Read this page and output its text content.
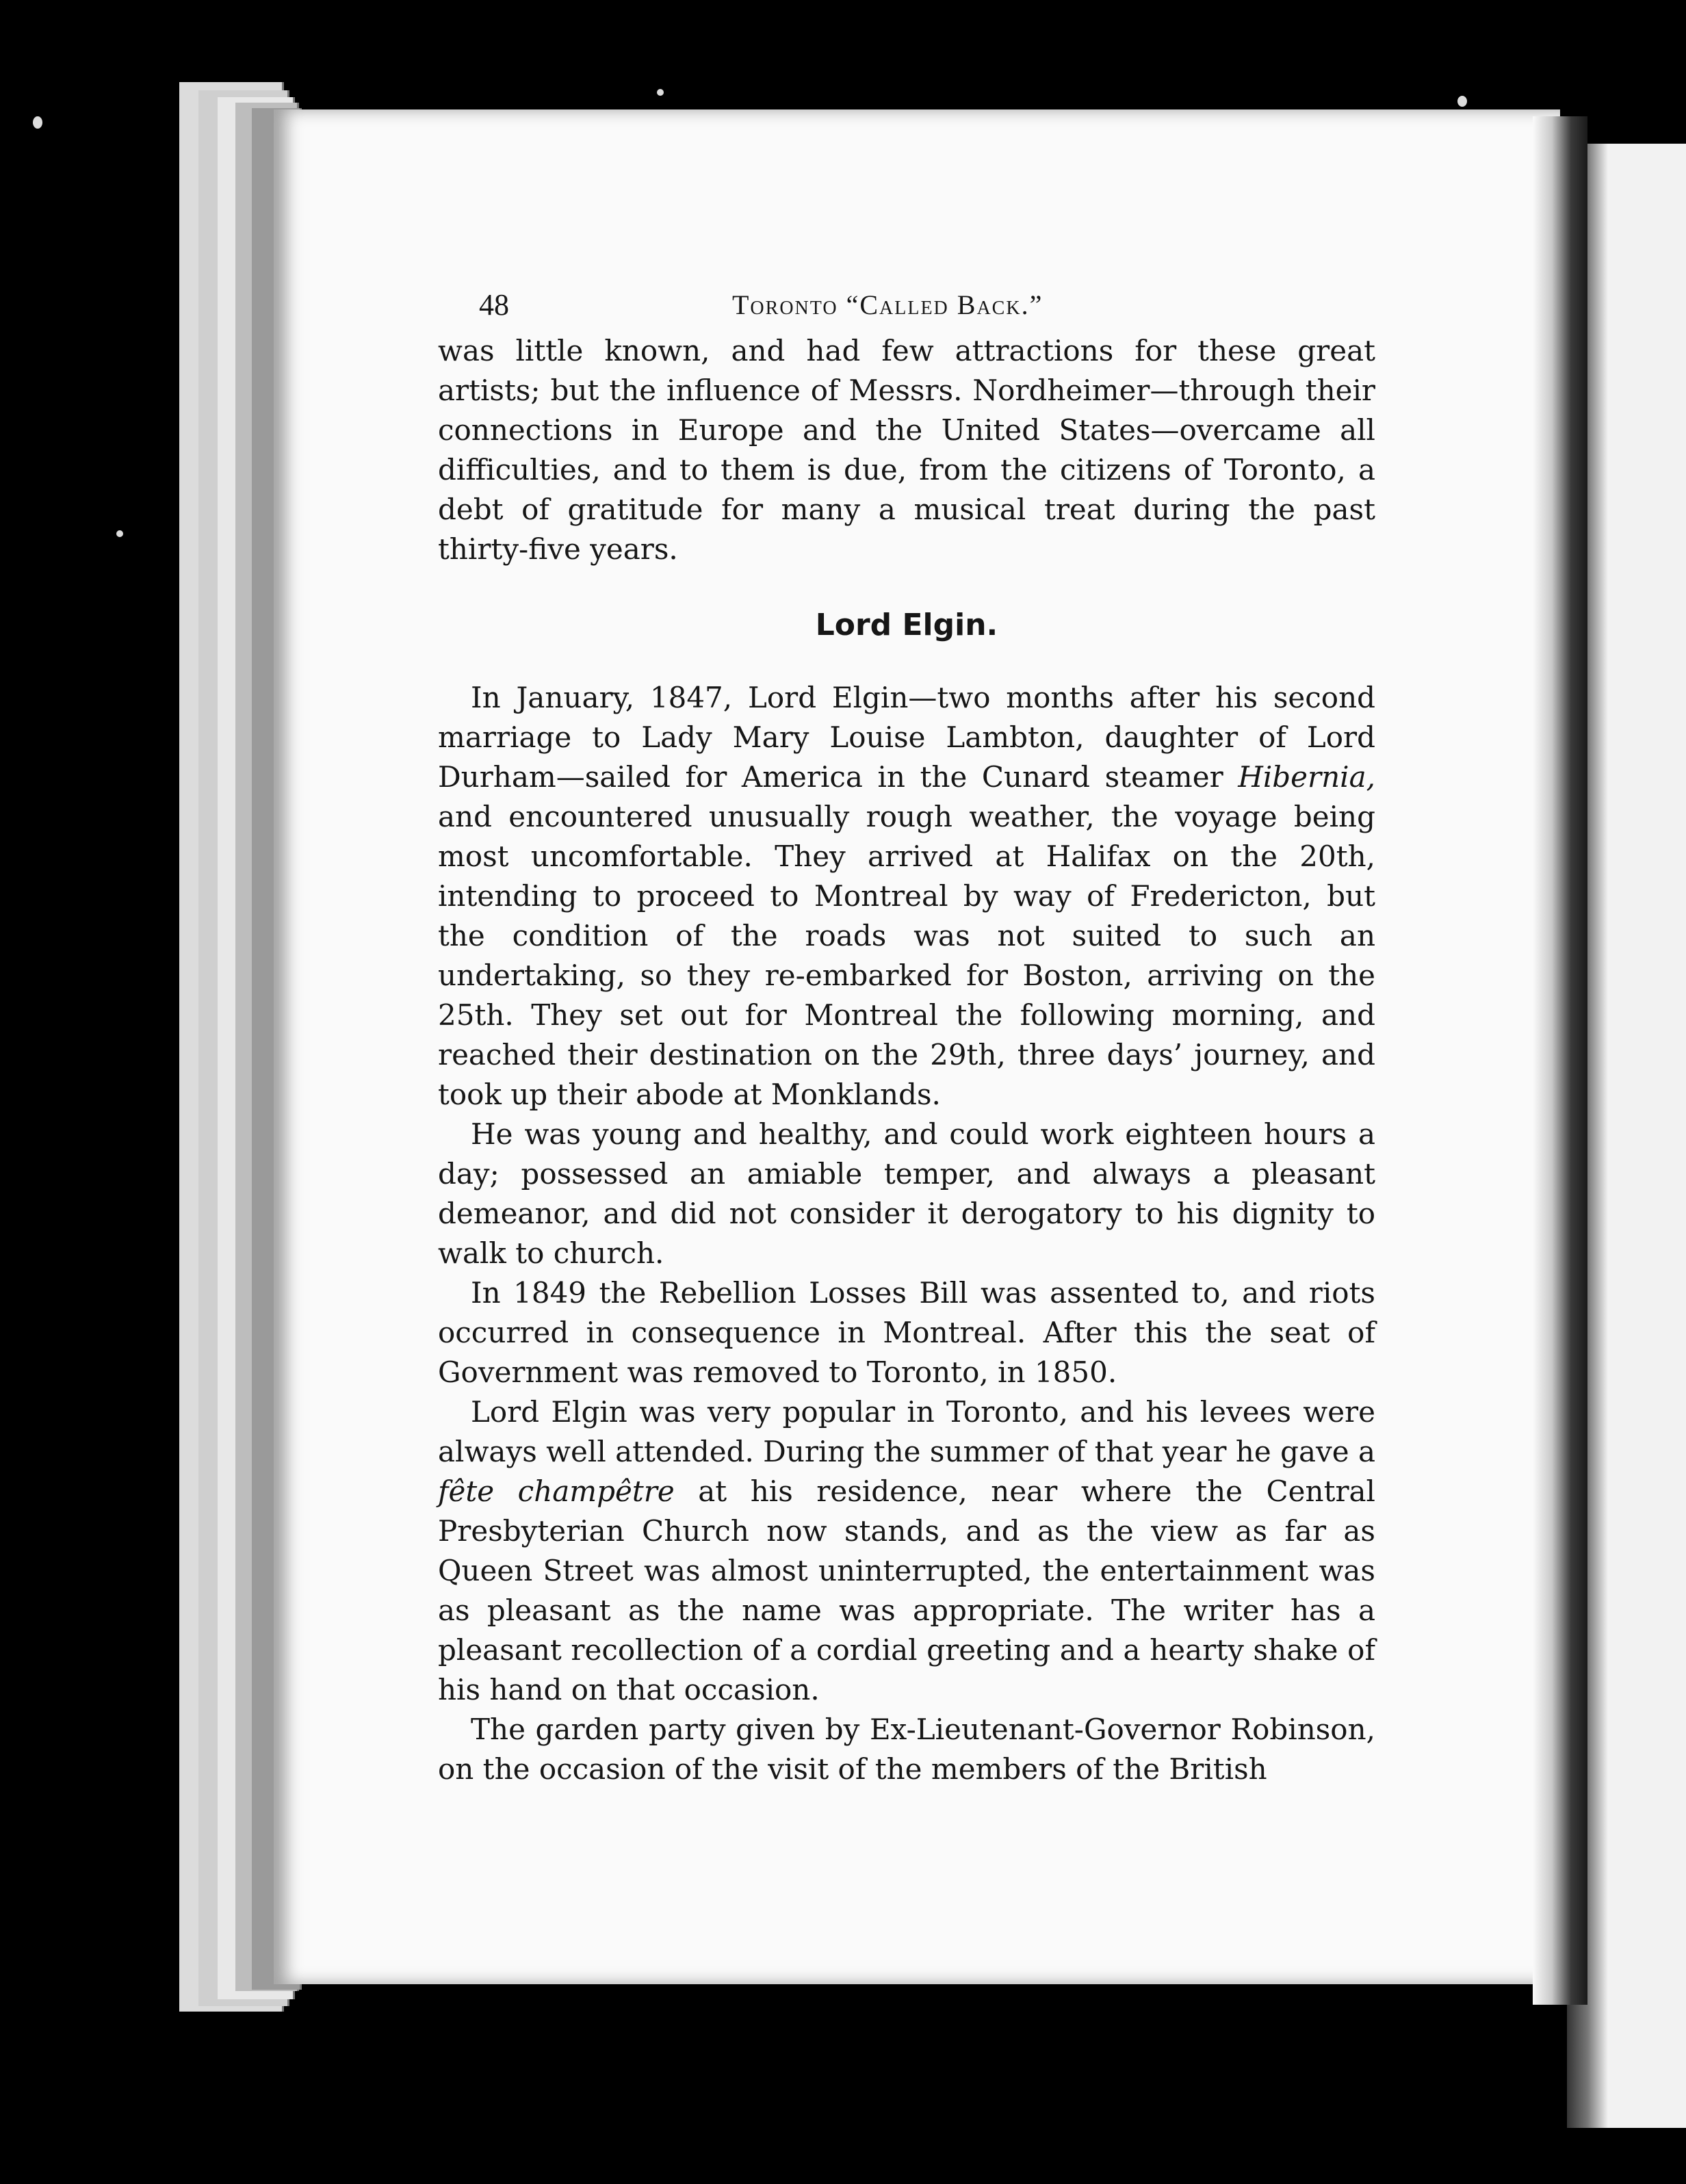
48	Toronto “Called Back.”

was little known, and had few attractions for these great artists; but the influence of Messrs. Nordheimer—through their connections in Europe and the United States—overcame all difficulties, and to them is due, from the citizens of Toronto, a debt of gratitude for many a musical treat during the past thirty-five years.

Lord Elgin.

In January, 1847, Lord Elgin—two months after his second marriage to Lady Mary Louise Lambton, daughter of Lord Durham—sailed for America in the Cunard steamer Hibernia, and encountered unusually rough weather, the voyage being most uncomfortable. They arrived at Halifax on the 20th, intending to proceed to Montreal by way of Fredericton, but the condition of the roads was not suited to such an undertaking, so they re-embarked for Boston, arriving on the 25th. They set out for Montreal the following morning, and reached their destination on the 29th, three days’ journey, and took up their abode at Monklands.

He was young and healthy, and could work eighteen hours a day; possessed an amiable temper, and always a pleasant demeanor, and did not consider it derogatory to his dignity to walk to church.

In 1849 the Rebellion Losses Bill was assented to, and riots occurred in consequence in Montreal. After this the seat of Government was removed to Toronto, in 1850.

Lord Elgin was very popular in Toronto, and his levees were always well attended. During the summer of that year he gave a fête champêtre at his residence, near where the Central Presbyterian Church now stands, and as the view as far as Queen Street was almost uninterrupted, the entertainment was as pleasant as the name was appropriate. The writer has a pleasant recollection of a cordial greeting and a hearty shake of his hand on that occasion.

The garden party given by Ex-Lieutenant-Governor Robinson, on the occasion of the visit of the members of the British
